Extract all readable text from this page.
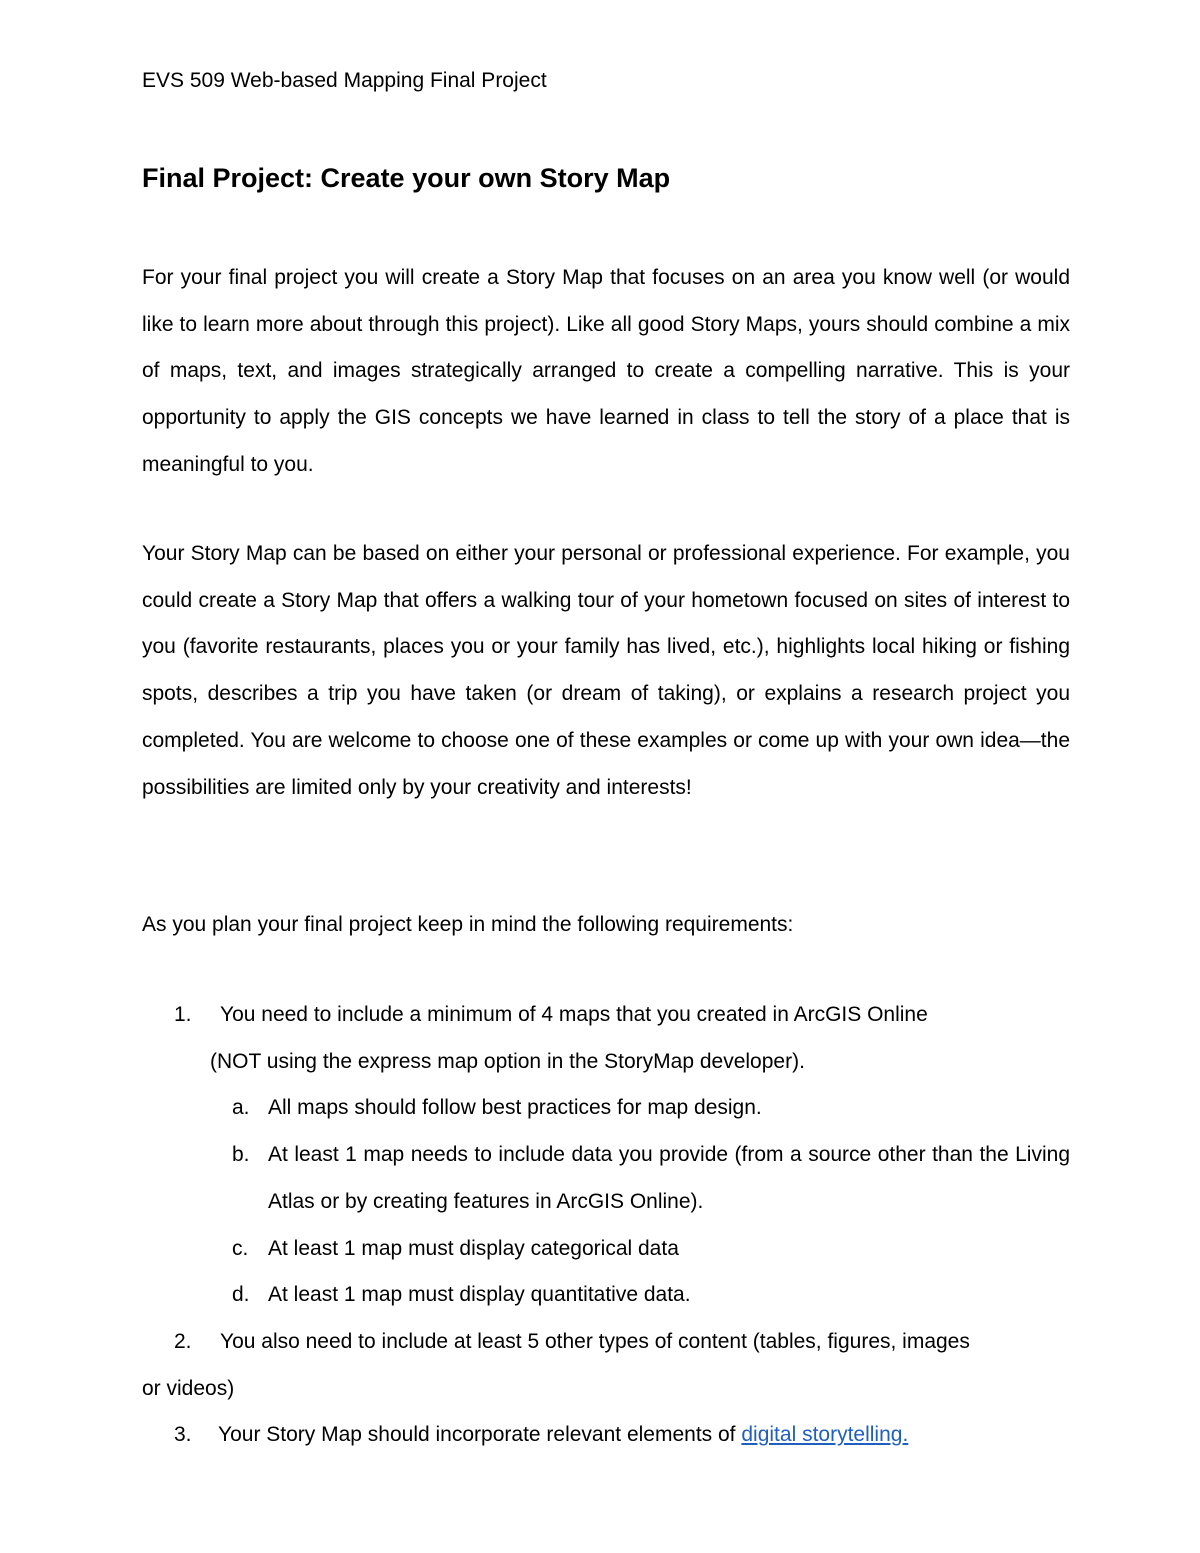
EVS 509 Web-based Mapping Final Project
Final Project: Create your own Story Map

For your final project you will create a Story Map that focuses on an area you know well (or would like to learn more about through this project). Like all good Story Maps, yours should combine a mix of maps, text, and images strategically arranged to create a compelling narrative. This is your opportunity to apply the GIS concepts we have learned in class to tell the story of a place that is meaningful to you.

Your Story Map can be based on either your personal or professional experience. For example, you could create a Story Map that offers a walking tour of your hometown focused on sites of interest to you (favorite restaurants, places you or your family has lived, etc.), highlights local hiking or fishing spots, describes a trip you have taken (or dream of taking), or explains a research project you completed. You are welcome to choose one of these examples or come up with your own idea—the possibilities are limited only by your creativity and interests!

As you plan your final project keep in mind the following requirements:

1.	You need to include a minimum of 4 maps that you created in ArcGIS Online
(NOT using the express map option in the StoryMap developer).
a. All maps should follow best practices for map design.
b. At least 1 map needs to include data you provide (from a source other than the Living Atlas or by creating features in ArcGIS Online).
c. At least 1 map must display categorical data
d. At least 1 map must display quantitative data.
2.	You also need to include at least 5 other types of content (tables, figures, images
or videos)
3.	Your Story Map should incorporate relevant elements of digital storytelling.
